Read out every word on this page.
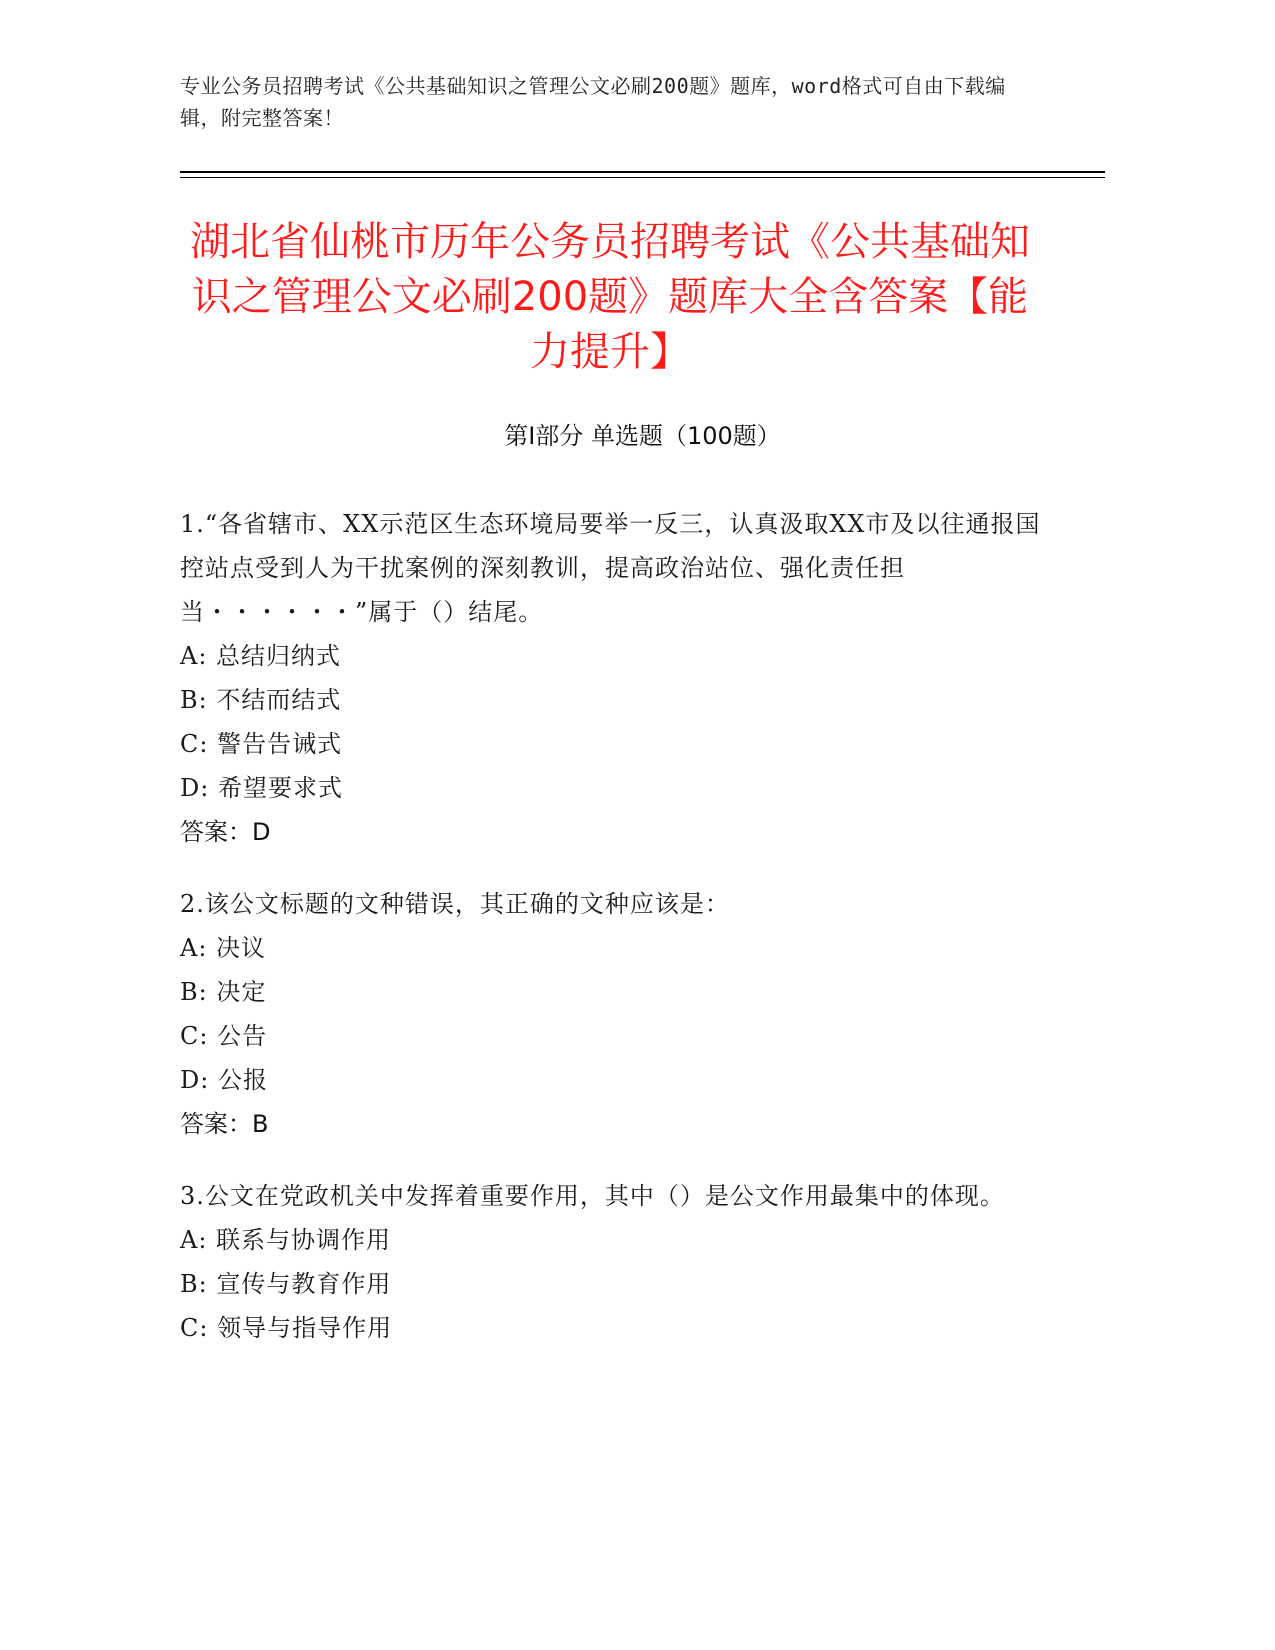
专业公务员招聘考试《公共基础知识之管理公文必刷200题》题库，word格式可自由下载编辑，附完整答案！
湖北省仙桃市历年公务员招聘考试《公共基础知识之管理公文必刷200题》题库大全含答案【能力提升】
第I部分 单选题（100题）
1.“各省辖市、XX示范区生态环境局要举一反三，认真汲取XX市及以往通报国控站点受到人为干扰案例的深刻教训，提高政治站位、强化责任担当・・・・・・”属于（）结尾。
A: 总结归纳式
B: 不结而结式
C: 警告告诫式
D: 希望要求式
答案：D
2.该公文标题的文种错误，其正确的文种应该是：
A: 决议
B: 决定
C: 公告
D: 公报
答案：B
3.公文在党政机关中发挥着重要作用，其中（）是公文作用最集中的体现。
A: 联系与协调作用
B: 宣传与教育作用
C: 领导与指导作用
